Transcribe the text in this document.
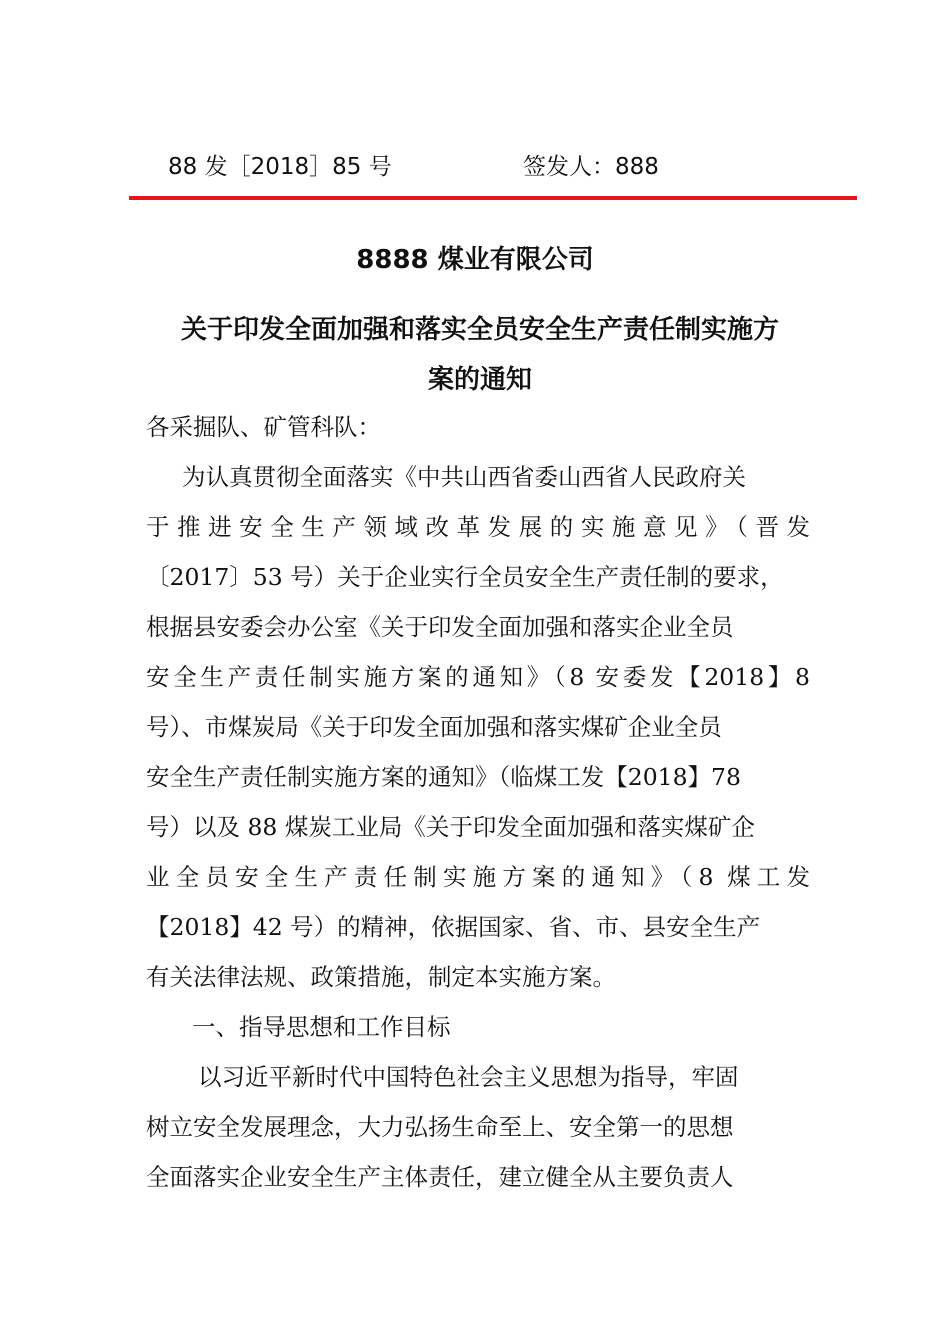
88 发［2018］85 号	签发人：888
8888 煤业有限公司
关于印发全面加强和落实全员安全生产责任制实施方
案的通知
各采掘队、矿管科队：
为认真贯彻全面落实《中共山西省委山西省人民政府关
于推进安全生产领域改革发展的实施意见》（晋发
〔2017〕53 号）关于企业实行全员安全生产责任制的要求，
根据县安委会办公室《关于印发全面加强和落实企业全员
安全生产责任制实施方案的通知》（8 安委发【2018】8
号）、市煤炭局《关于印发全面加强和落实煤矿企业全员
安全生产责任制实施方案的通知》（临煤工发【2018】78
号）以及 88 煤炭工业局《关于印发全面加强和落实煤矿企
业全员安全生产责任制实施方案的通知》（8 煤工发
【2018】42 号）的精神，依据国家、省、市、县安全生产
有关法律法规、政策措施，制定本实施方案。
一、指导思想和工作目标
以习近平新时代中国特色社会主义思想为指导，牢固
树立安全发展理念，大力弘扬生命至上、安全第一的思想
全面落实企业安全生产主体责任，建立健全从主要负责人
